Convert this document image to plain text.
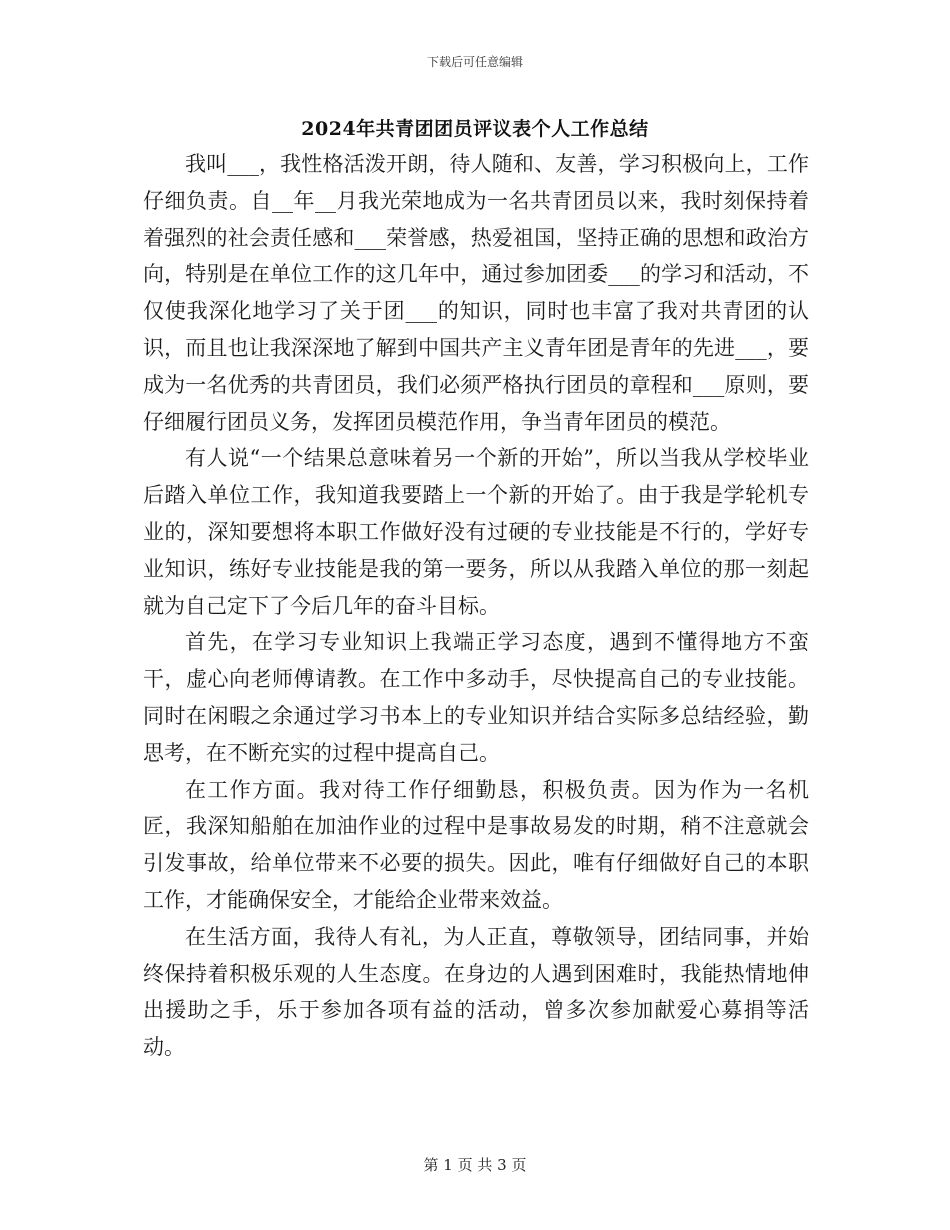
下载后可任意编辑
2024年共青团团员评议表个人工作总结

我叫___，我性格活泼开朗，待人随和、友善，学习积极向上，工作仔细负责。自__年__月我光荣地成为一名共青团员以来，我时刻保持着着强烈的社会责任感和___荣誉感，热爱祖国，坚持正确的思想和政治方向，特别是在单位工作的这几年中，通过参加团委___的学习和活动，不仅使我深化地学习了关于团___的知识，同时也丰富了我对共青团的认识，而且也让我深深地了解到中国共产主义青年团是青年的先进___，要成为一名优秀的共青团员，我们必须严格执行团员的章程和___原则，要仔细履行团员义务，发挥团员模范作用，争当青年团员的模范。

有人说“一个结果总意味着另一个新的开始”，所以当我从学校毕业后踏入单位工作，我知道我要踏上一个新的开始了。由于我是学轮机专业的，深知要想将本职工作做好没有过硬的专业技能是不行的，学好专业知识，练好专业技能是我的第一要务，所以从我踏入单位的那一刻起就为自己定下了今后几年的奋斗目标。

首先，在学习专业知识上我端正学习态度，遇到不懂得地方不蛮干，虚心向老师傅请教。在工作中多动手，尽快提高自己的专业技能。同时在闲暇之余通过学习书本上的专业知识并结合实际多总结经验，勤思考，在不断充实的过程中提高自己。

在工作方面。我对待工作仔细勤恳，积极负责。因为作为一名机匠，我深知船舶在加油作业的过程中是事故易发的时期，稍不注意就会引发事故，给单位带来不必要的损失。因此，唯有仔细做好自己的本职工作，才能确保安全，才能给企业带来效益。

在生活方面，我待人有礼，为人正直，尊敬领导，团结同事，并始终保持着积极乐观的人生态度。在身边的人遇到困难时，我能热情地伸出援助之手，乐于参加各项有益的活动，曾多次参加献爱心募捐等活动。

第 1 页 共 3 页
